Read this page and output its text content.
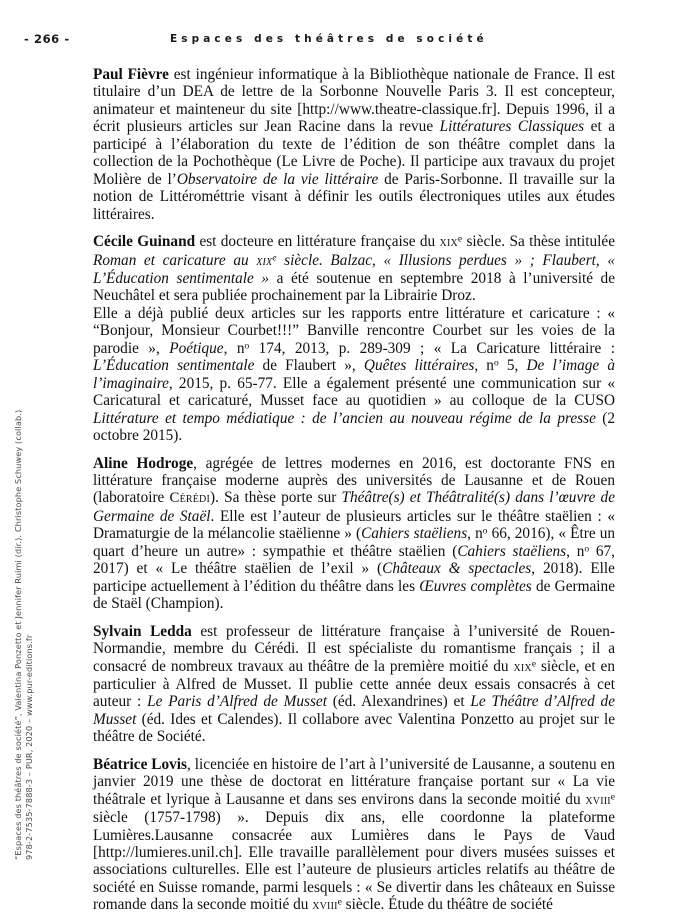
- 266 -	Espaces des théâtres de société

Paul Fièvre est ingénieur informatique à la Bibliothèque nationale de France. Il est titulaire d’un DEA de lettre de la Sorbonne Nouvelle Paris 3. Il est concepteur, animateur et mainteneur du site [http://www.theatre-classique.fr]. Depuis 1996, il a écrit plusieurs articles sur Jean Racine dans la revue Littératures Classiques et a participé à l’élaboration du texte de l’édition de son théâtre complet dans la collection de la Pochothèque (Le Livre de Poche). Il participe aux travaux du projet Molière de l’Observatoire de la vie littéraire de Paris-Sorbonne. Il travaille sur la notion de Littérométtrie visant à définir les outils électroniques utiles aux études littéraires.

Cécile Guinand est docteure en littérature française du xix$^e$ siècle. Sa thèse intitulée Roman et caricature au xix$^e$ siècle. Balzac, « Illusions perdues » ; Flaubert, « L’Éducation sentimentale » a été soutenue en septembre 2018 à l’université de Neuchâtel et sera publiée prochainement par la Librairie Droz.

Elle a déjà publié deux articles sur les rapports entre littérature et caricature : « “Bonjour, Monsieur Courbet!!!” Banville rencontre Courbet sur les voies de la parodie », Poétique, $n^o$ 174, 2013, p. 289-309 ; « La Caricature littéraire : L’Éducation sentimentale de Flaubert », Quêtes littéraires, $n^o$ 5, De l’image à l’imaginaire, 2015, p. 65-77. Elle a également présenté une communication sur « Caricatural et caricaturé, Musset face au quotidien » au colloque de la CUSO Littérature et tempo médiatique : de l’ancien au nouveau régime de la presse (2 octobre 2015).

Aline Hodroge, agrégée de lettres modernes en 2016, est doctorante FNS en littérature française moderne auprès des universités de Lausanne et de Rouen (laboratoire Cérédi). Sa thèse porte sur Théâtre(s) et Théâtralité(s) dans l’œuvre de Germaine de Staël. Elle est l’auteur de plusieurs articles sur le théâtre staëlien : « Dramaturgie de la mélancolie staëlienne » (Cahiers staëliens, $n^o$ 66, 2016), « Être un quart d’heure un autre» : sympathie et théâtre staëlien (Cahiers staëliens, $n^o$ 67, 2017) et « Le théâtre staëlien de l’exil » (Châteaux & spectacles, 2018). Elle participe actuellement à l’édition du théâtre dans les Œuvres complètes de Germaine de Staël (Champion).

Sylvain Ledda est professeur de littérature française à l’université de Rouen-Normandie, membre du Cérédi. Il est spécialiste du romantisme français ; il a consacré de nombreux travaux au théâtre de la première moitié du xix$^e$ siècle, et en particulier à Alfred de Musset. Il publie cette année deux essais consacrés à cet auteur : Le Paris d’Alfred de Musset (éd. Alexandrines) et Le Théâtre d’Alfred de Musset (éd. Ides et Calendes). Il collabore avec Valentina Ponzetto au projet sur le théâtre de Société.

Béatrice Lovis, licenciée en histoire de l’art à l’université de Lausanne, a soutenu en janvier 2019 une thèse de doctorat en littérature française portant sur « La vie théâtrale et lyrique à Lausanne et dans ses environs dans la seconde moitié du xviii$^e$ siècle (1757-1798) ». Depuis dix ans, elle coordonne la plateforme Lumières.Lausanne consacrée aux Lumières dans le Pays de Vaud [http://lumieres.unil.ch]. Elle travaille parallèlement pour divers musées suisses et associations culturelles. Elle est l’auteure de plusieurs articles relatifs au théâtre de société en Suisse romande, parmi lesquels : « Se divertir dans les châteaux en Suisse romande dans la seconde moitié du xviii$^e$ siècle. Étude du théâtre de société

“Espaces des théâtres de société”, Valentina Ponzetto et Jennifer Ruimi (dir.). Christophe Schuwey (collab.) 978-2-7535-7888-3 – PUR, 2020 – www.pur-editions.fr
